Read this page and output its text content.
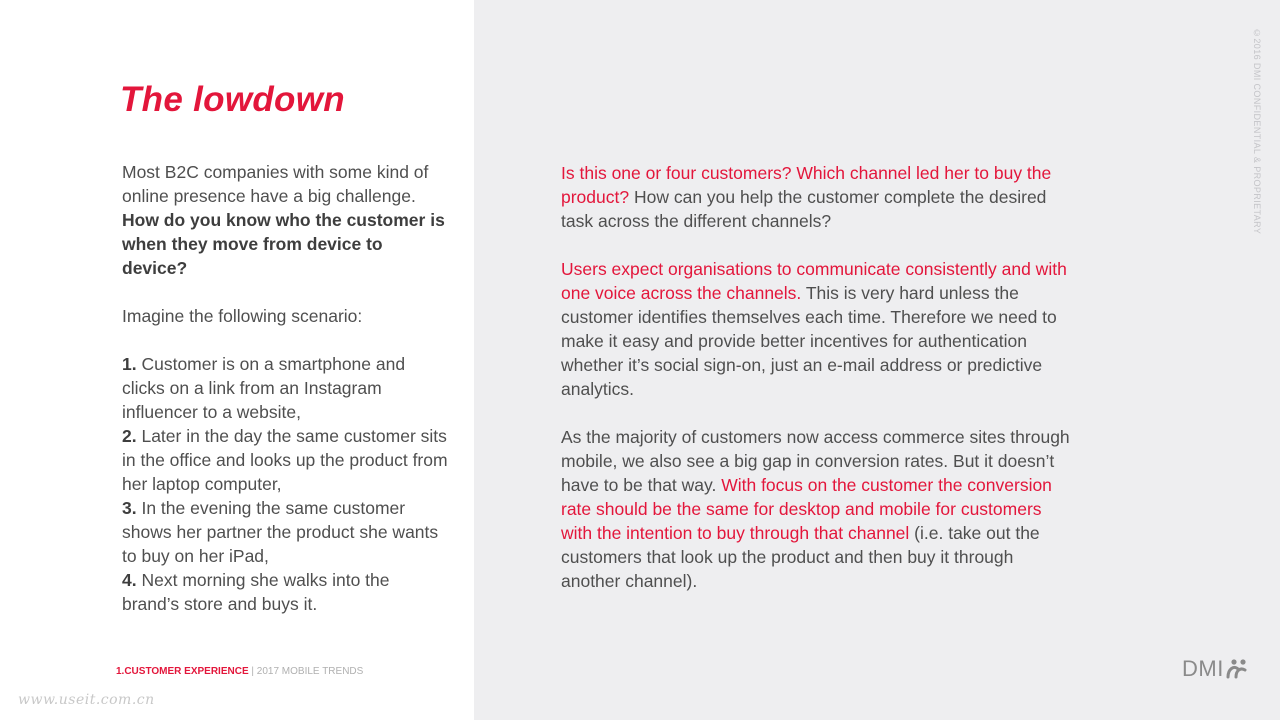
The lowdown

Most B2C companies with some kind of online presence have a big challenge. How do you know who the customer is when they move from device to device?

Imagine the following scenario:

1. Customer is on a smartphone and clicks on a link from an Instagram influencer to a website,
2. Later in the day the same customer sits in the office and looks up the product from her laptop computer,
3. In the evening the same customer shows her partner the product she wants to buy on her iPad,
4. Next morning she walks into the brand’s store and buys it.

Is this one or four customers? Which channel led her to buy the product? How can you help the customer complete the desired task across the different channels?

Users expect organisations to communicate consistently and with one voice across the channels. This is very hard unless the customer identifies themselves each time. Therefore we need to make it easy and provide better incentives for authentication whether it’s social sign-on, just an e-mail address or predictive analytics.

As the majority of customers now access commerce sites through mobile, we also see a big gap in conversion rates. But it doesn’t have to be that way. With focus on the customer the conversion rate should be the same for desktop and mobile for customers with the intention to buy through that channel (i.e. take out the customers that look up the product and then buy it through another channel).

1.CUSTOMER EXPERIENCE | 2017 MOBILE TRENDS
©2016 DMI CONFIDENTIAL & PROPRIETARY
DMI
www.useit.com.cn
